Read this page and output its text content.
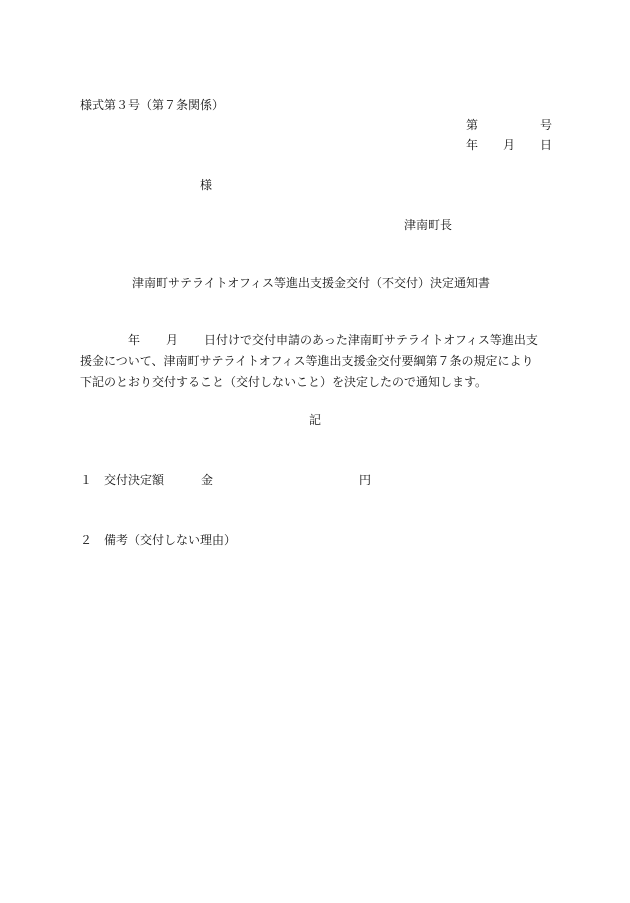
様式第３号（第７条関係）
第	号
年 月 日
様
津南町長
津南町サテライトオフィス等進出支援金交付（不交付）決定通知書
年 月 日付けで交付申請のあった津南町サテライトオフィス等進出支
援金について、津南町サテライトオフィス等進出支援金交付要綱第７条の規定により
下記のとおり交付すること（交付しないこと）を決定したので通知します。
記
１ 交付決定額	金	円
２ 備考（交付しない理由）
